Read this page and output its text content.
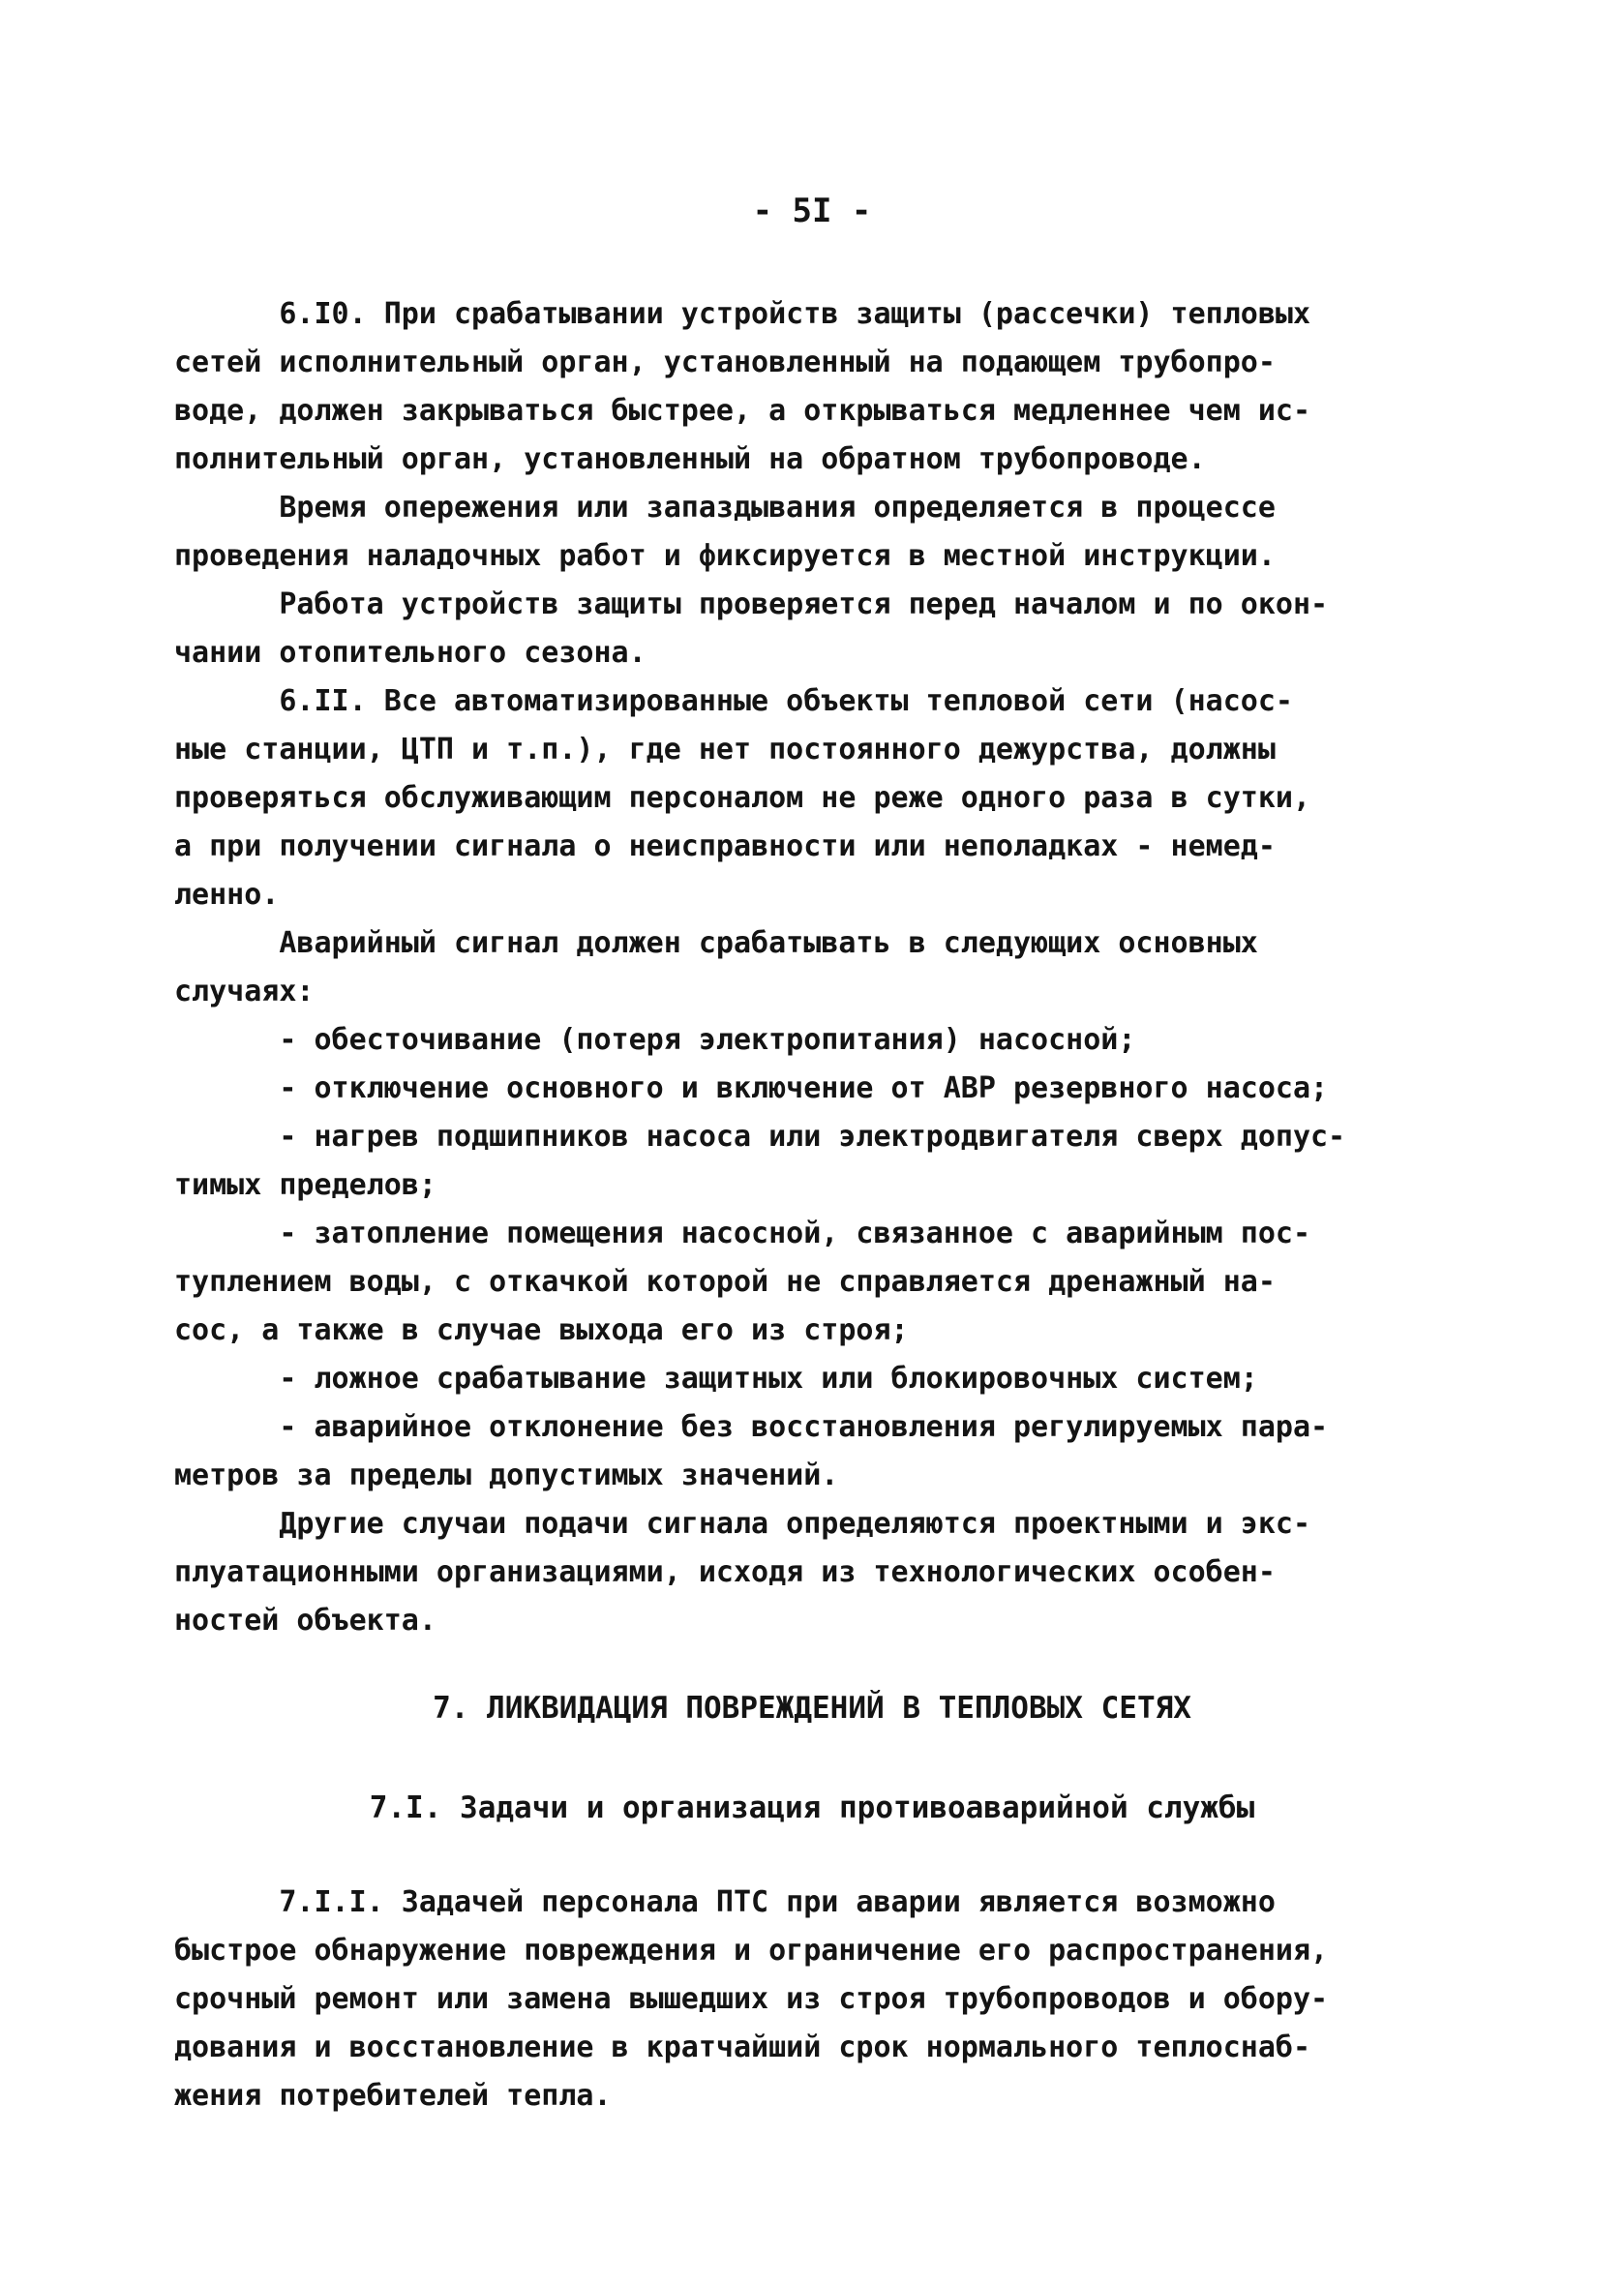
- 5I -
6.I0. При срабатывании устройств защиты (рассечки) тепловых
сетей исполнительный орган, установленный на подающем трубопро-
воде, должен закрываться быстрее, а открываться медленнее чем ис-
полнительный орган, установленный на обратном трубопроводе.
Время опережения или запаздывания определяется в процессе
проведения наладочных работ и фиксируется в местной инструкции.
Работа устройств защиты проверяется перед началом и по окон-
чании отопительного сезона.
6.II. Все автоматизированные объекты тепловой сети (насос-
ные станции, ЦТП и т.п.), где нет постоянного дежурства, должны
проверяться обслуживающим персоналом не реже одного раза в сутки,
а при получении сигнала о неисправности или неполадках - немед-
ленно.
Аварийный сигнал должен срабатывать в следующих основных
случаях:
- обесточивание (потеря электропитания) насосной;
- отключение основного и включение от АВР резервного насоса;
- нагрев подшипников насоса или электродвигателя сверх допус-
тимых пределов;
- затопление помещения насосной, связанное с аварийным пос-
туплением воды, с откачкой которой не справляется дренажный на-
сос, а также в случае выхода его из строя;
- ложное срабатывание защитных или блокировочных систем;
- аварийное отклонение без восстановления регулируемых пара-
метров за пределы допустимых значений.
Другие случаи подачи сигнала определяются проектными и экс-
плуатационными организациями, исходя из технологических особен-
ностей объекта.
7. ЛИКВИДАЦИЯ ПОВРЕЖДЕНИЙ В ТЕПЛОВЫХ СЕТЯХ
7.I. Задачи и организация противоаварийной службы
7.I.I. Задачей персонала ПТС при аварии является возможно
быстрое обнаружение повреждения и ограничение его распространения,
срочный ремонт или замена вышедших из строя трубопроводов и обору-
дования и восстановление в кратчайший срок нормального теплоснаб-
жения потребителей тепла.
